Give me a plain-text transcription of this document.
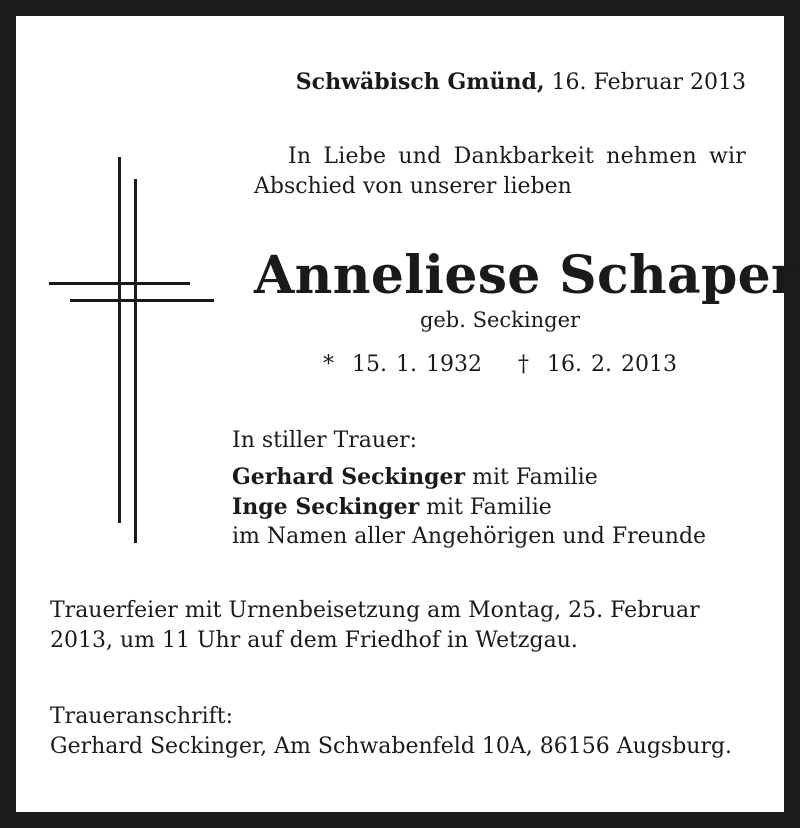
Schwäbisch Gmünd, 16. Februar 2013
In Liebe und Dankbarkeit nehmen wir
Abschied von unserer lieben
Anneliese Schaper
geb. Seckinger
* 15. 1. 1932 † 16. 2. 2013
In stiller Trauer:
Gerhard Seckinger mit Familie
Inge Seckinger mit Familie
im Namen aller Angehörigen und Freunde
Trauerfeier mit Urnenbeisetzung am Montag, 25. Februar
2013, um 11 Uhr auf dem Friedhof in Wetzgau.
Traueranschrift:
Gerhard Seckinger, Am Schwabenfeld 10A, 86156 Augsburg.
